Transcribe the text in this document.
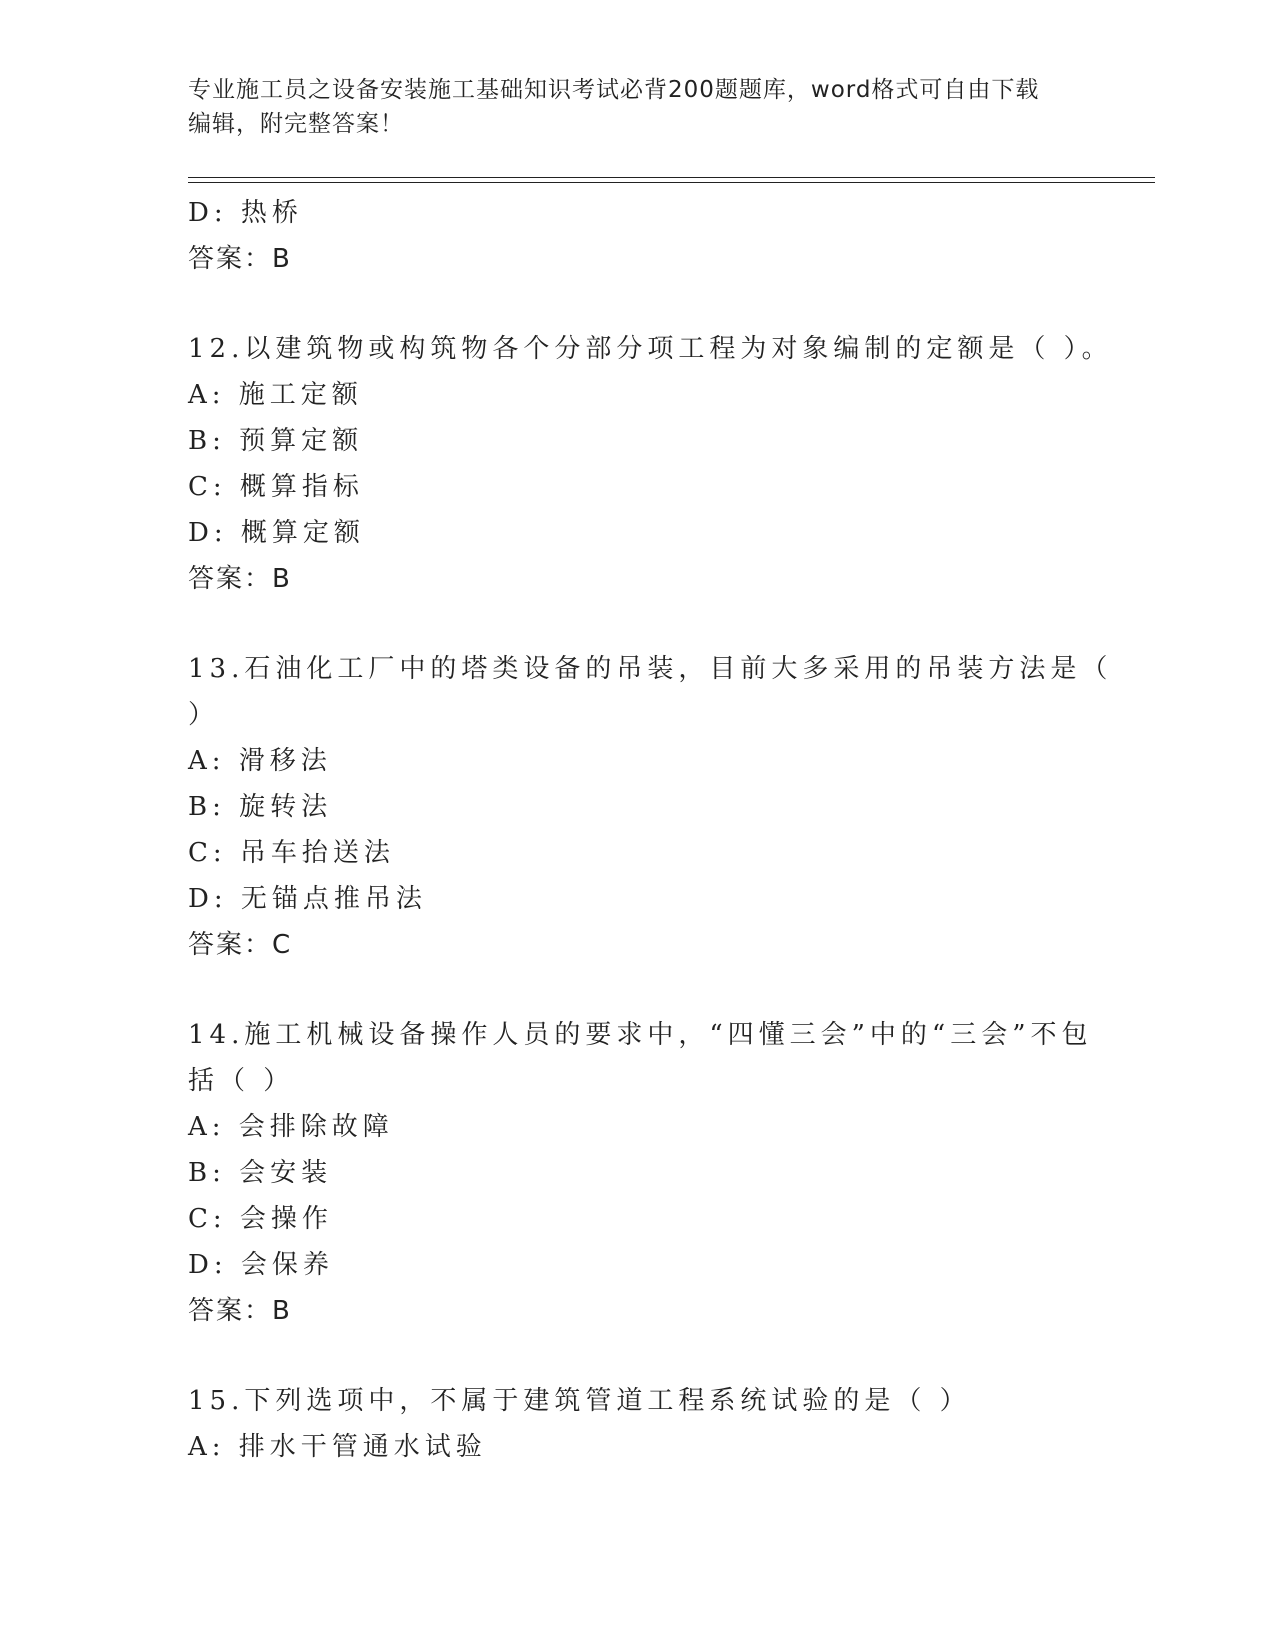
专业施工员之设备安装施工基础知识考试必背200题题库，word格式可自由下载
编辑，附完整答案！
D: 热桥
答案：B
12.以建筑物或构筑物各个分部分项工程为对象编制的定额是（ ）。
A: 施工定额
B: 预算定额
C: 概算指标
D: 概算定额
答案：B
13.石油化工厂中的塔类设备的吊装，目前大多采用的吊装方法是（
）
A: 滑移法
B: 旋转法
C: 吊车抬送法
D: 无锚点推吊法
答案：C
14.施工机械设备操作人员的要求中，“四懂三会”中的“三会”不包
括（ ）
A: 会排除故障
B: 会安装
C: 会操作
D: 会保养
答案：B
15.下列选项中，不属于建筑管道工程系统试验的是（ ）
A: 排水干管通水试验
